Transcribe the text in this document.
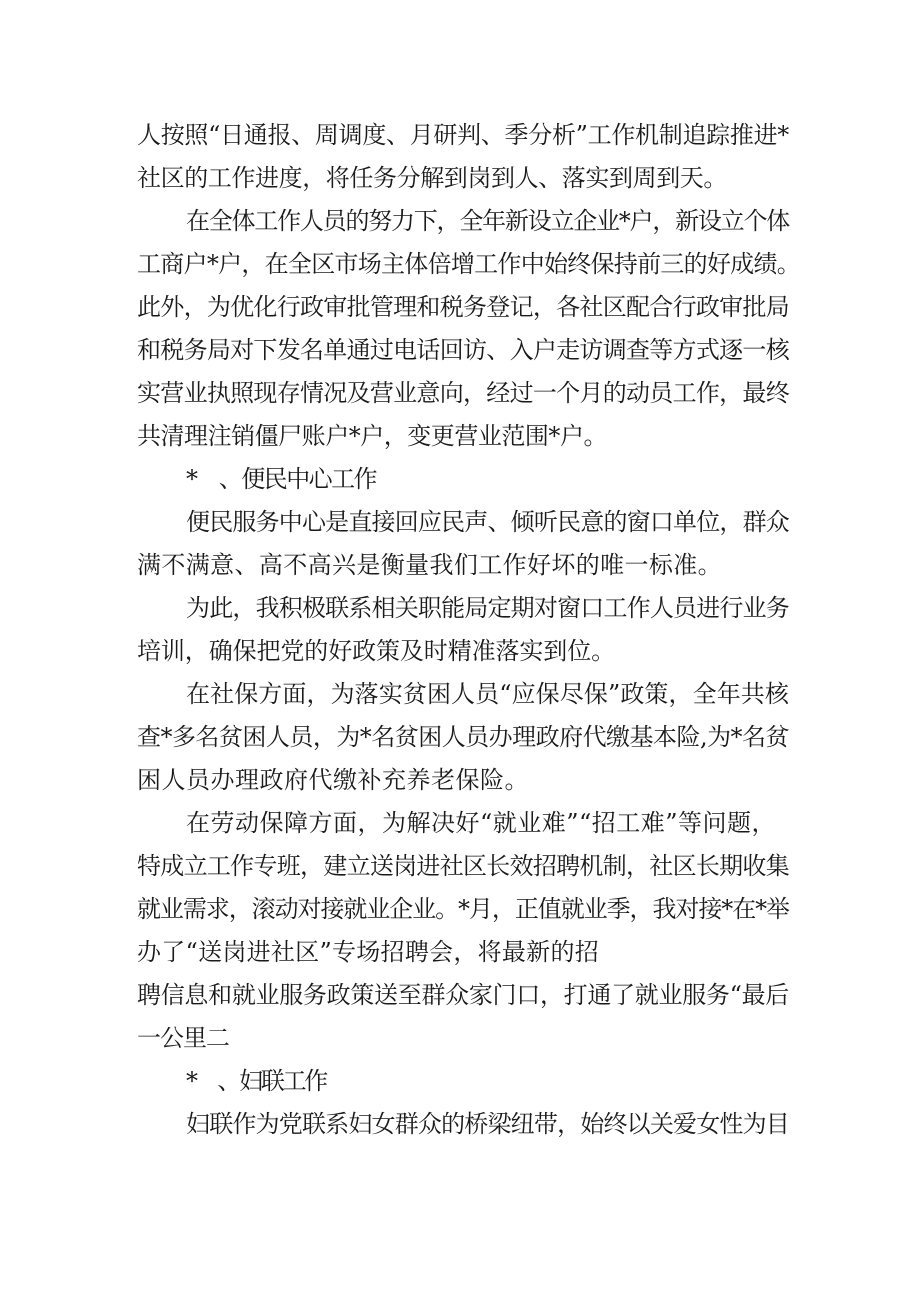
人按照“日通报、周调度、月研判、季分析”工作机制追踪推进*
社区的工作进度，将任务分解到岗到人、落实到周到天。
在全体工作人员的努力下，全年新设立企业*户，新设立个体
工商户*户，在全区市场主体倍增工作中始终保持前三的好成绩。
此外，为优化行政审批管理和税务登记，各社区配合行政审批局
和税务局对下发名单通过电话回访、入户走访调查等方式逐一核
实营业执照现存情况及营业意向，经过一个月的动员工作，最终
共清理注销僵尸账户*户，变更营业范围*户。
*　、便民中心工作
便民服务中心是直接回应民声、倾听民意的窗口单位，群众
满不满意、高不高兴是衡量我们工作好坏的唯一标准。
为此，我积极联系相关职能局定期对窗口工作人员进行业务
培训，确保把党的好政策及时精准落实到位。
在社保方面，为落实贫困人员“应保尽保”政策，全年共核
查*多名贫困人员，为*名贫困人员办理政府代缴基本险,为*名贫
困人员办理政府代缴补充养老保险。
在劳动保障方面，为解决好“就业难”“招工难”等问题，
特成立工作专班，建立送岗进社区长效招聘机制，社区长期收集
就业需求，滚动对接就业企业。*月，正值就业季，我对接*在*举
办了“送岗进社区”专场招聘会，将最新的招
聘信息和就业服务政策送至群众家门口，打通了就业服务“最后
一公里二
*　、妇联工作
妇联作为党联系妇女群众的桥梁纽带，始终以关爱女性为目
